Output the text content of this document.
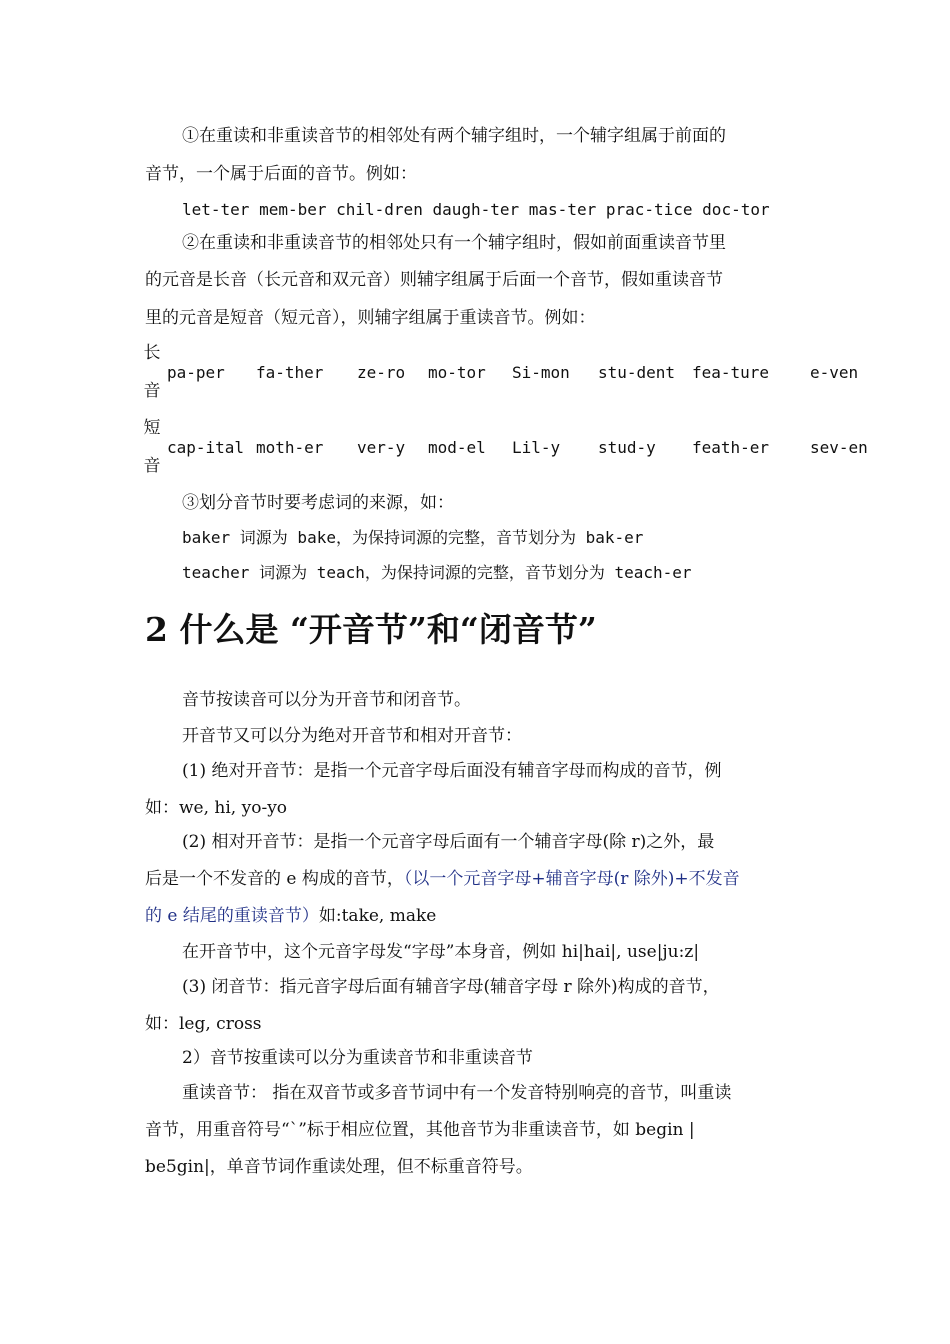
①在重读和非重读音节的相邻处有两个辅字组时，一个辅字组属于前面的
音节，一个属于后面的音节。例如：
let-ter mem-ber chil-dren daugh-ter mas-ter prac-tice doc-tor
②在重读和非重读音节的相邻处只有一个辅字组时，假如前面重读音节里
的元音是长音（长元音和双元音）则辅字组属于后面一个音节，假如重读音节
里的元音是短音（短元音），则辅字组属于重读音节。例如：
长
音
pa-per fa-ther ze-ro mo-tor Si-mon stu-dent fea-ture	e-ven
短
音
cap-ital moth-er ver-y mod-el Lil-y stud-y feath-er	sev-en
③划分音节时要考虑词的来源，如：
baker 词源为 bake，为保持词源的完整，音节划分为 bak-er
teacher 词源为 teach，为保持词源的完整，音节划分为 teach-er
2 什么是 “开音节”和“闭音节”
音节按读音可以分为开音节和闭音节。
开音节又可以分为绝对开音节和相对开音节：
(1) 绝对开音节：是指一个元音字母后面没有辅音字母而构成的音节，例
如：we, hi, yo-yo
(2) 相对开音节：是指一个元音字母后面有一个辅音字母(除 r)之外，最
后是一个不发音的 e 构成的音节，（以一个元音字母+辅音字母(r 除外)+不发音
的 e 结尾的重读音节）如:take, make
在开音节中，这个元音字母发“字母”本身音，例如 hi|hai|, use|ju:z|
(3) 闭音节：指元音字母后面有辅音字母(辅音字母 r 除外)构成的音节，
如：leg, cross
2）音节按重读可以分为重读音节和非重读音节
重读音节： 指在双音节或多音节词中有一个发音特别响亮的音节，叫重读
音节，用重音符号“`”标于相应位置，其他音节为非重读音节，如 begin |
be5gin|，单音节词作重读处理，但不标重音符号。
